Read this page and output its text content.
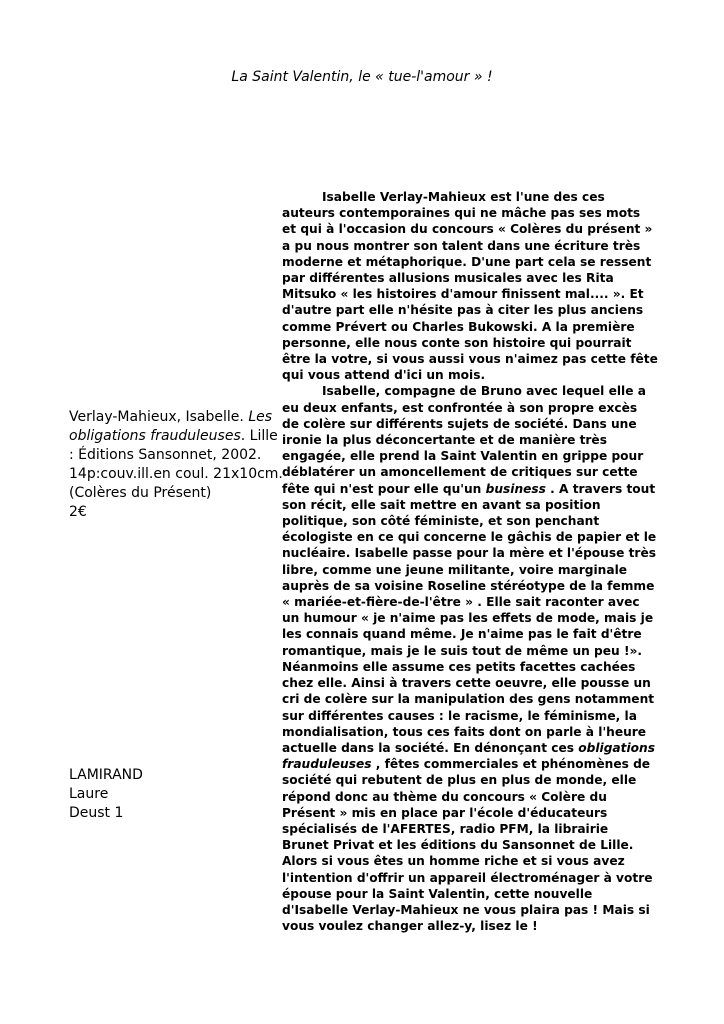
La Saint Valentin, le « tue-l'amour » !

Verlay-Mahieux, Isabelle. Les obligations frauduleuses. Lille : Éditions Sansonnet, 2002. 14p:couv.ill.en coul. 21x10cm. (Colères du Présent)

2€

LAMIRAND

Laure

Deust 1

Isabelle Verlay-Mahieux est l'une des ces auteurs contemporaines qui ne mâche pas ses mots et qui à l'occasion du concours « Colères du présent » a pu nous montrer son talent dans une écriture très moderne et métaphorique. D'une part cela se ressent par différentes allusions musicales avec les Rita Mitsuko « les histoires d'amour finissent mal.... ». Et d'autre part elle n'hésite pas à citer les plus anciens comme Prévert ou Charles Bukowski. A la première personne, elle nous conte son histoire qui pourrait être la votre, si vous aussi vous n'aimez pas cette fête qui vous attend d'ici un mois.

Isabelle, compagne de Bruno avec lequel elle a eu deux enfants, est confrontée à son propre excès de colère sur différents sujets de société. Dans une ironie la plus déconcertante et de manière très engagée, elle prend la Saint Valentin en grippe pour déblatérer un amoncellement de critiques sur cette fête qui n'est pour elle qu'un business . A travers tout son récit, elle sait mettre en avant sa position politique, son côté féministe, et son penchant écologiste en ce qui concerne le gâchis de papier et le nucléaire. Isabelle passe pour la mère et l'épouse très libre, comme une jeune militante, voire marginale auprès de sa voisine Roseline stéréotype de la femme « mariée-et-fière-de-l'être » . Elle sait raconter avec un humour « je n'aime pas les effets de mode, mais je les connais quand même. Je n'aime pas le fait d'être romantique, mais je le suis tout de même un peu !». Néanmoins elle assume ces petits facettes cachées chez elle. Ainsi à travers cette oeuvre, elle pousse un cri de colère sur la manipulation des gens notamment sur différentes causes : le racisme, le féminisme, la mondialisation, tous ces faits dont on parle à l'heure actuelle dans la société. En dénonçant ces obligations frauduleuses , fêtes commerciales et phénomènes de société qui rebutent de plus en plus de monde, elle répond donc au thème du concours « Colère du Présent » mis en place par l'école d'éducateurs spécialisés de l'AFERTES, radio PFM, la librairie Brunet Privat et les éditions du Sansonnet de Lille. Alors si vous êtes un homme riche et si vous avez l'intention d'offrir un appareil électroménager à votre épouse pour la Saint Valentin, cette nouvelle d'Isabelle Verlay-Mahieux ne vous plaira pas ! Mais si vous voulez changer allez-y, lisez le !
